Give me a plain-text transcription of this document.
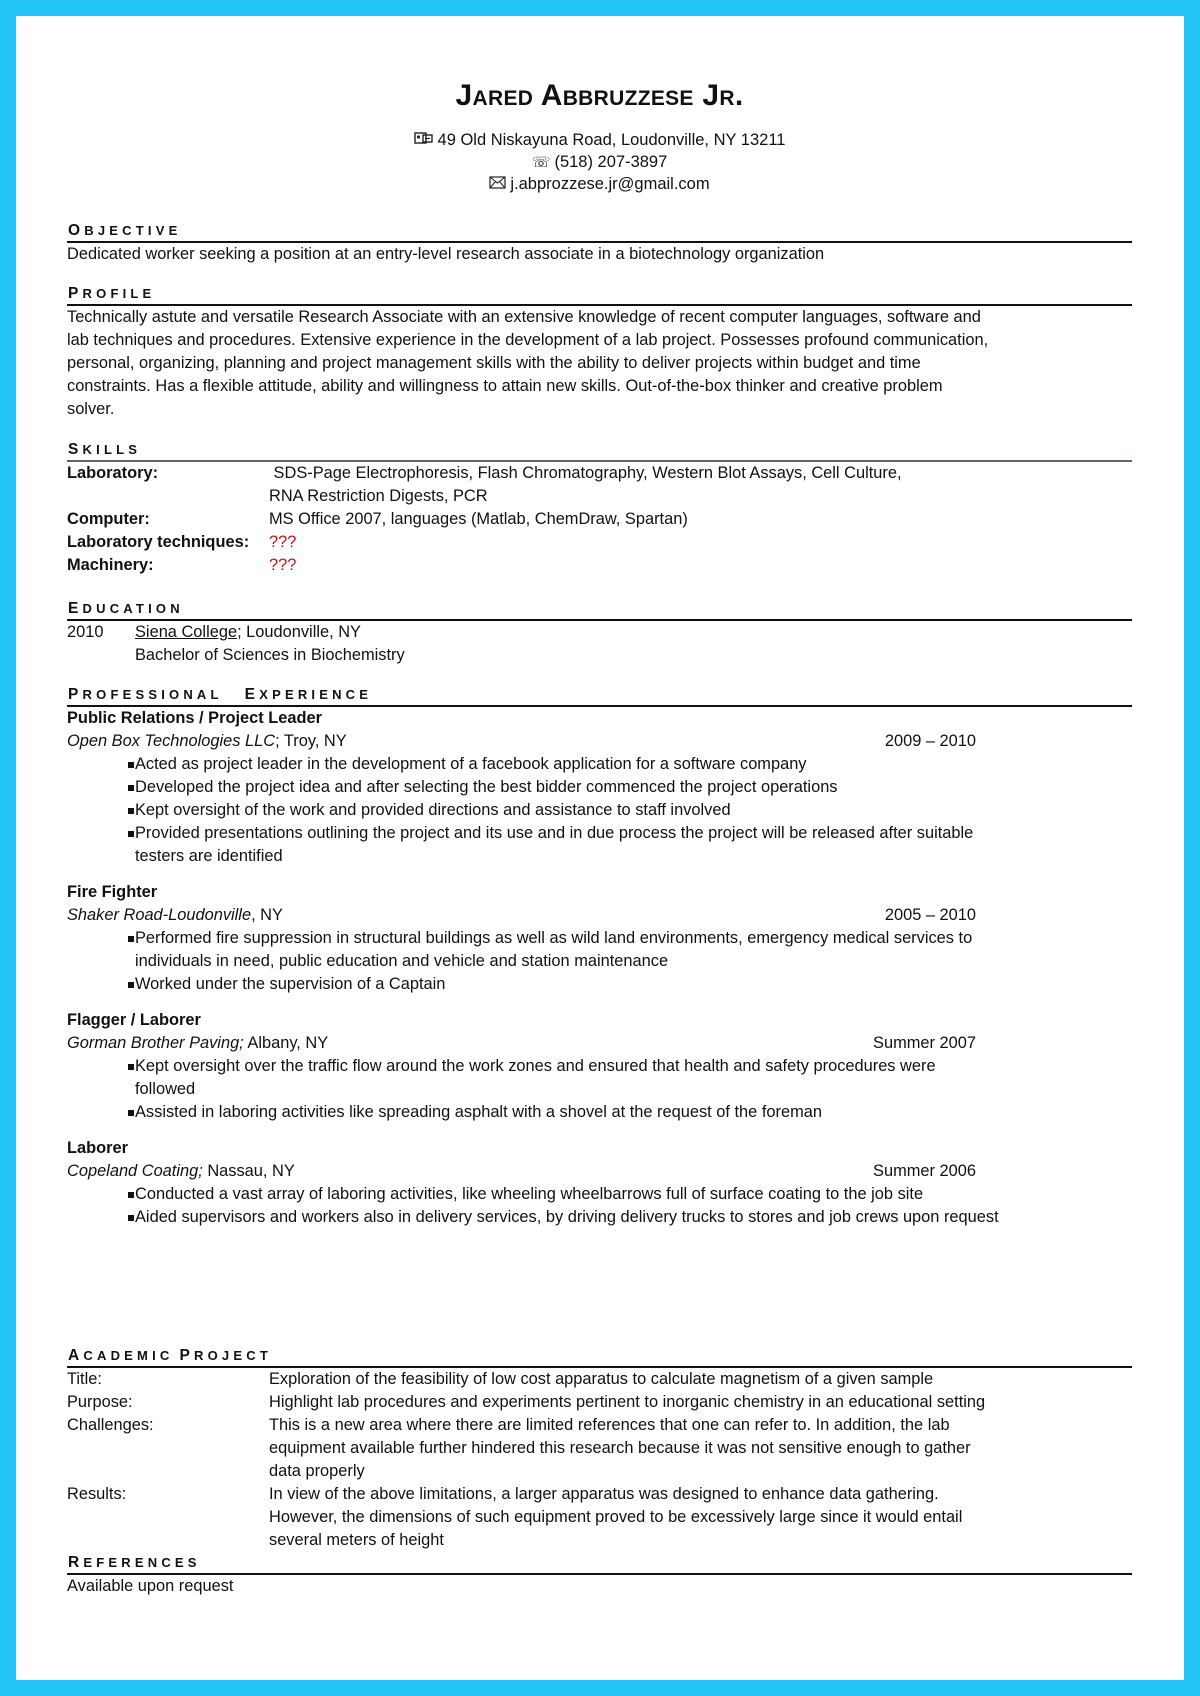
Jared Abbruzzese Jr.
49 Old Niskayuna Road, Loudonville, NY 13211
☏ (518) 207-3897
j.abprozzese.jr@gmail.com
OBJECTIVE

Dedicated worker seeking a position at an entry-level research associate in a biotechnology organization

PROFILE
Technically astute and versatile Research Associate with an extensive knowledge of recent computer languages, software and
lab techniques and procedures. Extensive experience in the development of a lab project. Possesses profound communication,
personal, organizing, planning and project management skills with the ability to deliver projects within budget and time
constraints. Has a flexible attitude, ability and willingness to attain new skills. Out-of-the-box thinker and creative problem
solver.
SKILLS
Laboratory:	SDS-Page Electrophoresis, Flash Chromatography, Western Blot Assays, Cell Culture,
RNA Restriction Digests, PCR
Computer:	MS Office 2007, languages (Matlab, ChemDraw, Spartan)
Laboratory techniques: ???
Machinery:	???
EDUCATION
2010 Siena College; Loudonville, NY
Bachelor of Sciences in Biochemistry
PROFESSIONAL EXPERIENCE
Public Relations / Project Leader
Open Box Technologies LLC; Troy, NY	2009 – 2010
Acted as project leader in the development of a facebook application for a software company
Developed the project idea and after selecting the best bidder commenced the project operations
Kept oversight of the work and provided directions and assistance to staff involved
Provided presentations outlining the project and its use and in due process the project will be released after suitable
testers are identified
Fire Fighter
Shaker Road-Loudonville, NY	2005 – 2010
Performed fire suppression in structural buildings as well as wild land environments, emergency medical services to
individuals in need, public education and vehicle and station maintenance
Worked under the supervision of a Captain
Flagger / Laborer
Gorman Brother Paving; Albany, NY	Summer 2007
Kept oversight over the traffic flow around the work zones and ensured that health and safety procedures were
followed
Assisted in laboring activities like spreading asphalt with a shovel at the request of the foreman
Laborer
Copeland Coating; Nassau, NY	Summer 2006
Conducted a vast array of laboring activities, like wheeling wheelbarrows full of surface coating to the job site
Aided supervisors and workers also in delivery services, by driving delivery trucks to stores and job crews upon request
ACADEMIC PROJECT
Title:	Exploration of the feasibility of low cost apparatus to calculate magnetism of a given sample
Purpose:	Highlight lab procedures and experiments pertinent to inorganic chemistry in an educational setting
Challenges:	This is a new area where there are limited references that one can refer to. In addition, the lab
equipment available further hindered this research because it was not sensitive enough to gather
data properly
Results:	In view of the above limitations, a larger apparatus was designed to enhance data gathering.
However, the dimensions of such equipment proved to be excessively large since it would entail
several meters of height
REFERENCES

Available upon request
